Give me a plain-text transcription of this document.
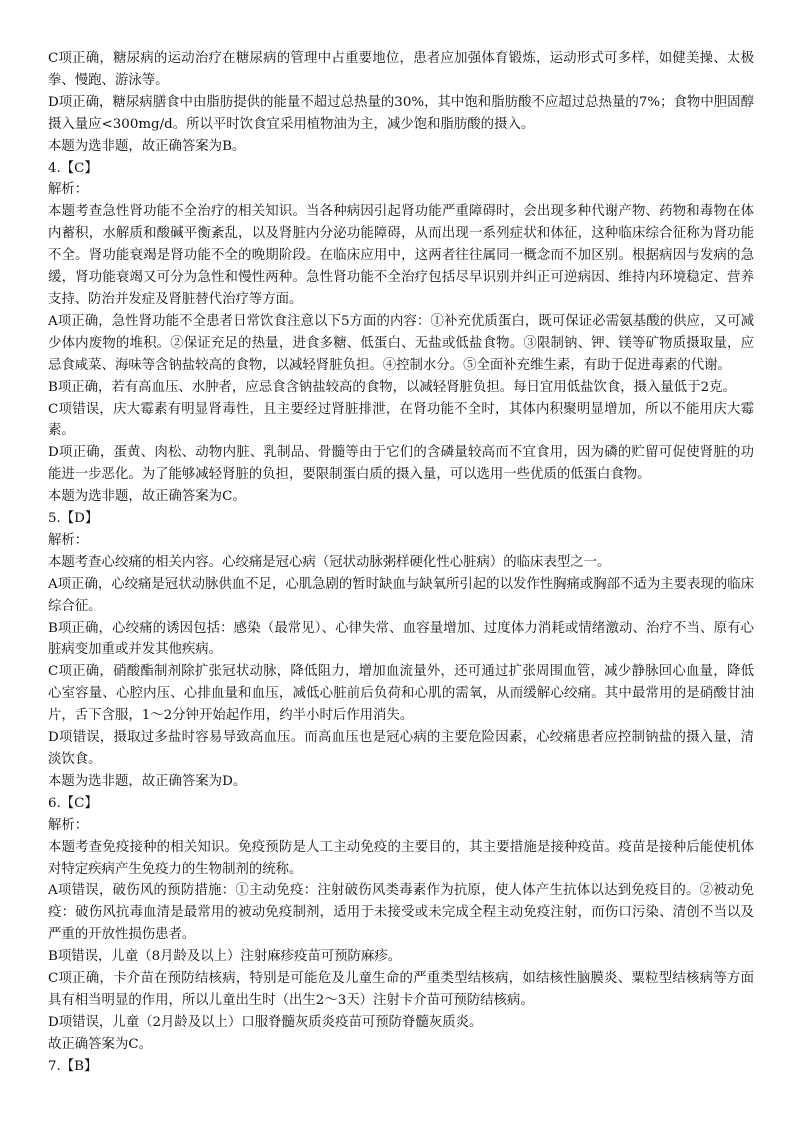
C项正确，糖尿病的运动治疗在糖尿病的管理中占重要地位，患者应加强体育锻炼，运动形式可多样，如健美操、太极拳、慢跑、游泳等。

D项正确，糖尿病膳食中由脂肪提供的能量不超过总热量的30%，其中饱和脂肪酸不应超过总热量的7%；食物中胆固醇摄入量应<300mg/d。所以平时饮食宜采用植物油为主，减少饱和脂肪酸的摄入。

本题为选非题，故正确答案为B。

4.【C】

解析：

本题考查急性肾功能不全治疗的相关知识。当各种病因引起肾功能严重障碍时，会出现多种代谢产物、药物和毒物在体内蓄积，水解质和酸碱平衡紊乱，以及肾脏内分泌功能障碍，从而出现一系列症状和体征，这种临床综合征称为肾功能不全。肾功能衰竭是肾功能不全的晚期阶段。在临床应用中，这两者往往属同一概念而不加区别。根据病因与发病的急缓，肾功能衰竭又可分为急性和慢性两种。急性肾功能不全治疗包括尽早识别并纠正可逆病因、维持内环境稳定、营养支持、防治并发症及肾脏替代治疗等方面。

A项正确，急性肾功能不全患者日常饮食注意以下5方面的内容：①补充优质蛋白，既可保证必需氨基酸的供应，又可减少体内废物的堆积。②保证充足的热量，进食多糖、低蛋白、无盐或低盐食物。③限制钠、钾、镁等矿物质摄取量，应忌食咸菜、海味等含钠盐较高的食物，以减轻肾脏负担。④控制水分。⑤全面补充维生素，有助于促进毒素的代谢。

B项正确，若有高血压、水肿者，应忌食含钠盐较高的食物，以减轻肾脏负担。每日宜用低盐饮食，摄入量低于2克。

C项错误，庆大霉素有明显肾毒性，且主要经过肾脏排泄，在肾功能不全时，其体内积聚明显增加，所以不能用庆大霉素。

D项正确，蛋黄、肉松、动物内脏、乳制品、骨髓等由于它们的含磷量较高而不宜食用，因为磷的贮留可促使肾脏的功能进一步恶化。为了能够减轻肾脏的负担，要限制蛋白质的摄入量，可以选用一些优质的低蛋白食物。

本题为选非题，故正确答案为C。

5.【D】

解析：

本题考查心绞痛的相关内容。心绞痛是冠心病（冠状动脉粥样硬化性心脏病）的临床表型之一。

A项正确，心绞痛是冠状动脉供血不足，心肌急剧的暂时缺血与缺氧所引起的以发作性胸痛或胸部不适为主要表现的临床综合征。

B项正确，心绞痛的诱因包括：感染（最常见）、心律失常、血容量增加、过度体力消耗或情绪激动、治疗不当、原有心脏病变加重或并发其他疾病。

C项正确，硝酸酯制剂除扩张冠状动脉，降低阻力，增加血流量外，还可通过扩张周围血管，减少静脉回心血量，降低心室容量、心腔内压、心排血量和血压，减低心脏前后负荷和心肌的需氧，从而缓解心绞痛。其中最常用的是硝酸甘油片，舌下含服，1～2分钟开始起作用，约半小时后作用消失。

D项错误，摄取过多盐时容易导致高血压。而高血压也是冠心病的主要危险因素，心绞痛患者应控制钠盐的摄入量，清淡饮食。

本题为选非题，故正确答案为D。

6.【C】

解析：

本题考查免疫接种的相关知识。免疫预防是人工主动免疫的主要目的，其主要措施是接种疫苗。疫苗是接种后能使机体对特定疾病产生免疫力的生物制剂的统称。

A项错误，破伤风的预防措施：①主动免疫：注射破伤风类毒素作为抗原，使人体产生抗体以达到免疫目的。②被动免疫：破伤风抗毒血清是最常用的被动免疫制剂，适用于未接受或未完成全程主动免疫注射，而伤口污染、清创不当以及严重的开放性损伤患者。

B项错误，儿童（8月龄及以上）注射麻疹疫苗可预防麻疹。

C项正确，卡介苗在预防结核病，特别是可能危及儿童生命的严重类型结核病，如结核性脑膜炎、粟粒型结核病等方面具有相当明显的作用，所以儿童出生时（出生2～3天）注射卡介苗可预防结核病。

D项错误，儿童（2月龄及以上）口服脊髓灰质炎疫苗可预防脊髓灰质炎。

故正确答案为C。

7.【B】
